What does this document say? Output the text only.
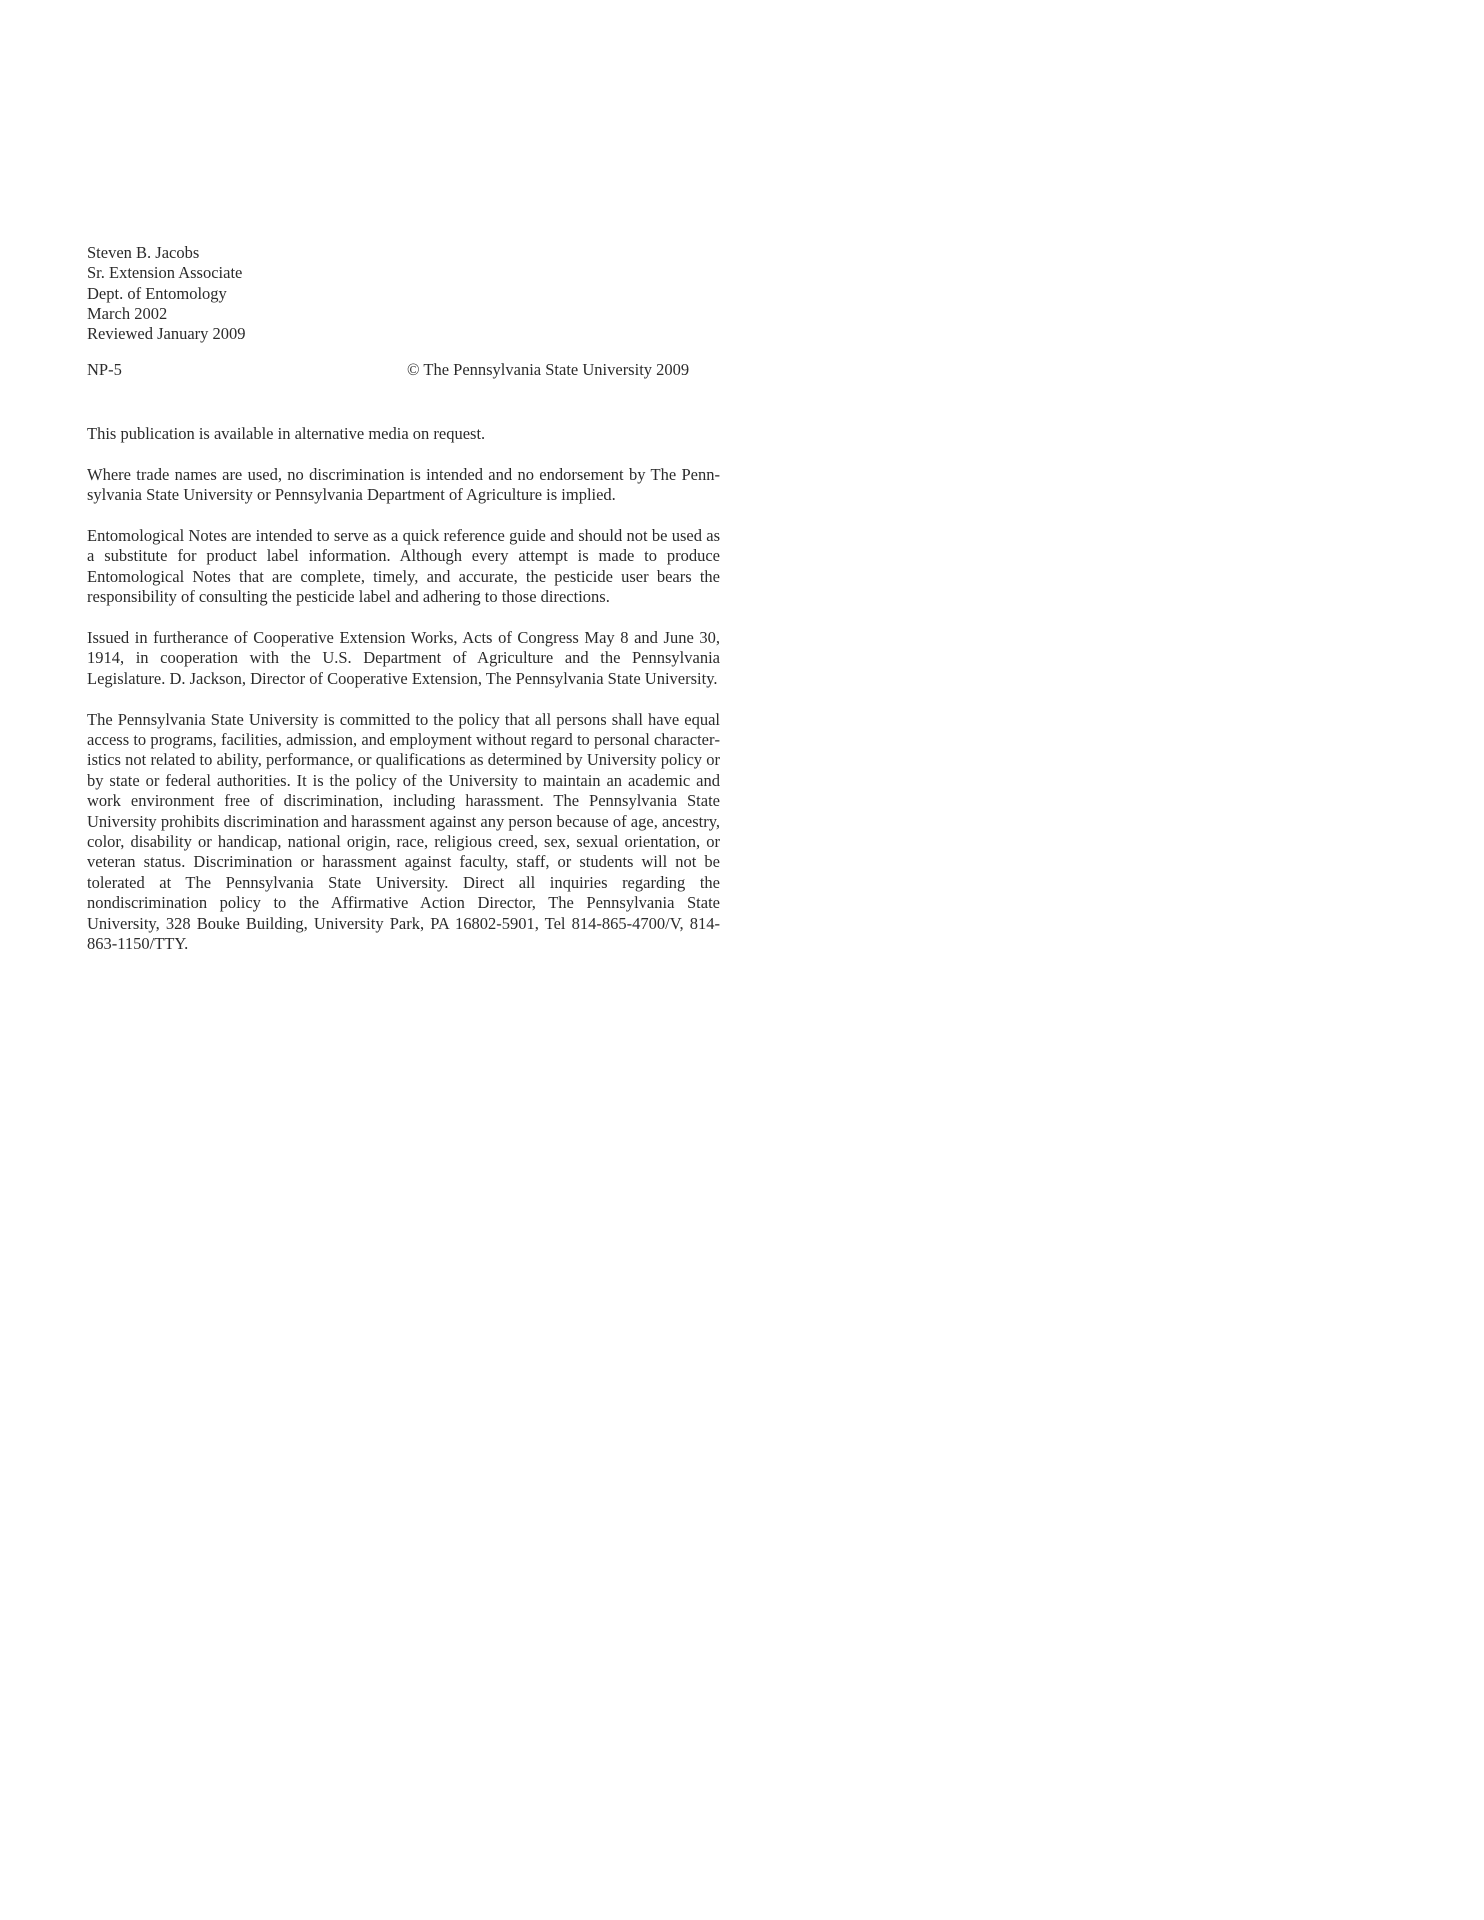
Steven B. Jacobs
Sr. Extension Associate
Dept. of Entomology
March 2002
Reviewed January 2009
NP-5	© The Pennsylvania State University 2009

This publication is available in alternative media on request.

Where trade names are used, no discrimination is intended and no endorsement by The Pennsylvania State University or Pennsylvania Department of Agriculture is implied.

Entomological Notes are intended to serve as a quick reference guide and should not be used as a substitute for product label information. Although every attempt is made to produce Entomological Notes that are complete, timely, and accurate, the pesticide user bears the responsibility of consulting the pesticide label and adhering to those directions.

Issued in furtherance of Cooperative Extension Works, Acts of Congress May 8 and June 30, 1914, in cooperation with the U.S. Department of Agriculture and the Pennsylvania Legislature. D. Jackson, Director of Cooperative Extension, The Pennsylvania State University.

The Pennsylvania State University is committed to the policy that all persons shall have equal access to programs, facilities, admission, and employment without regard to personal characteristics not related to ability, performance, or qualifications as determined by University policy or by state or federal authorities. It is the policy of the University to maintain an academic and work environment free of discrimination, including harassment. The Pennsylvania State University prohibits discrimination and harassment against any person because of age, ancestry, color, disability or handicap, national origin, race, religious creed, sex, sexual orientation, or veteran status. Discrimination or harassment against faculty, staff, or students will not be tolerated at The Pennsylvania State University. Direct all inquiries regarding the nondiscrimination policy to the Affirmative Action Director, The Pennsylvania State University, 328 Bouke Building, University Park, PA 16802-5901, Tel 814-865-4700/V, 814-863-1150/TTY.
